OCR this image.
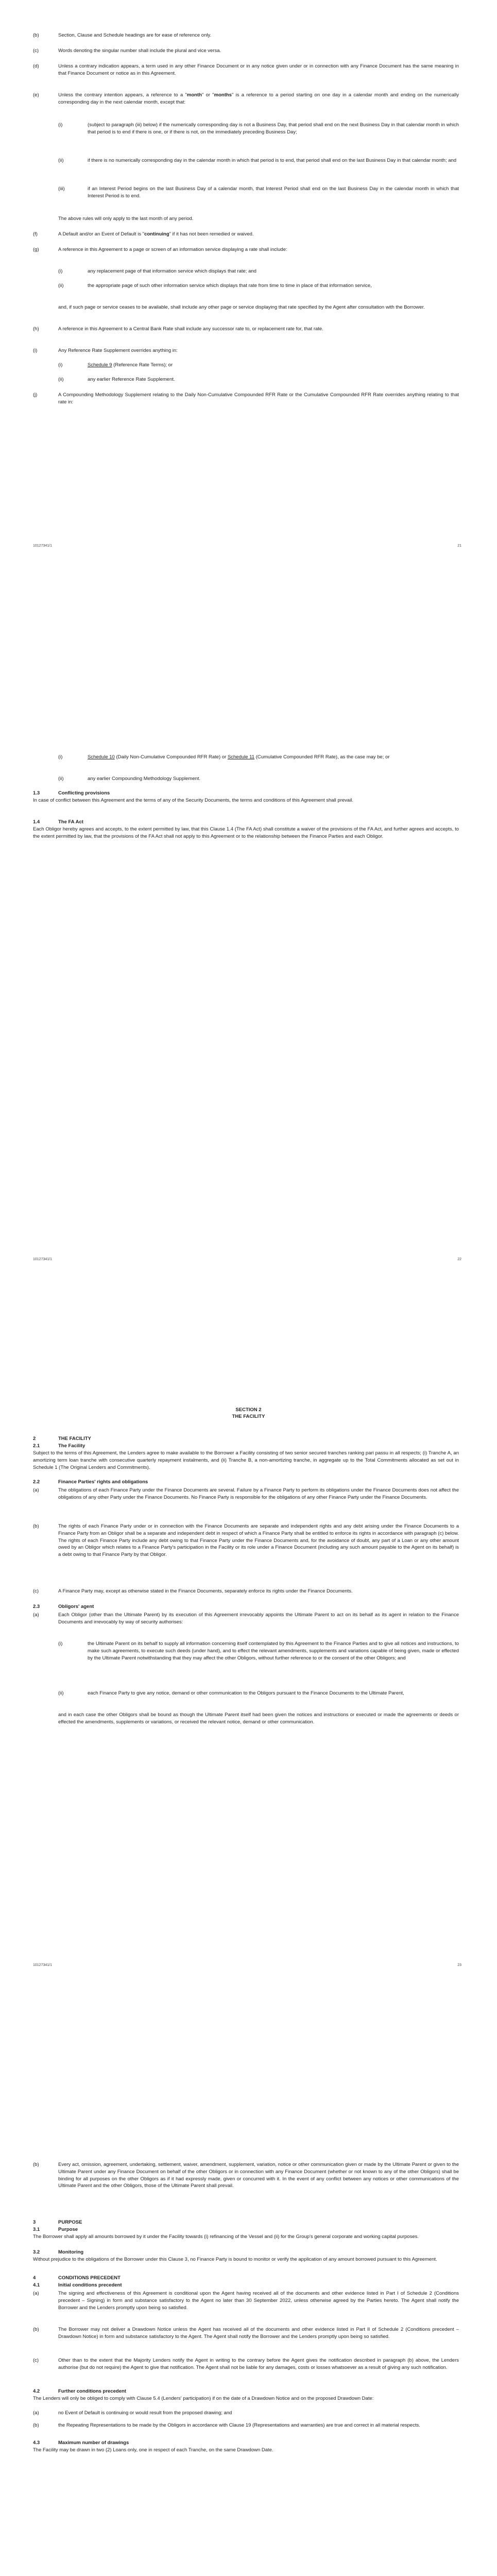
(b)	Section, Clause and Schedule headings are for ease of reference only.

(c)	Words denoting the singular number shall include the plural and vice versa.

(d)	Unless a contrary indication appears, a term used in any other Finance Document or in any notice given under or in connection with any Finance Document has the same meaning in that Finance Document or notice as in this Agreement.

(e)	Unless the contrary intention appears, a reference to a "month" or "months" is a reference to a period starting on one day in a calendar month and ending on the numerically corresponding day in the next calendar month, except that:

(i)	(subject to paragraph (iii) below) if the numerically corresponding day is not a Business Day, that period shall end on the next Business Day in that calendar month in which that period is to end if there is one, or if there is not, on the immediately preceding Business Day;

(ii)	if there is no numerically corresponding day in the calendar month in which that period is to end, that period shall end on the last Business Day in that calendar month; and

(iii)	if an Interest Period begins on the last Business Day of a calendar month, that Interest Period shall end on the last Business Day in the calendar month in which that Interest Period is to end.

The above rules will only apply to the last month of any period.

(f)	A Default and/or an Event of Default is "continuing" if it has not been remedied or waived.

(g)	A reference in this Agreement to a page or screen of an information service displaying a rate shall include:

(i)	any replacement page of that information service which displays that rate; and

(ii)	the appropriate page of such other information service which displays that rate from time to time in place of that information service,

and, if such page or service ceases to be available, shall include any other page or service displaying that rate specified by the Agent after consultation with the Borrower.

(h)	A reference in this Agreement to a Central Bank Rate shall include any successor rate to, or replacement rate for, that rate.

(i)	Any Reference Rate Supplement overrides anything in:

(i)	Schedule 9 (Reference Rate Terms); or

(ii)	any earlier Reference Rate Supplement.

(j)	A Compounding Methodology Supplement relating to the Daily Non-Cumulative Compounded RFR Rate or the Cumulative Compounded RFR Rate overrides anything relating to that rate in:

10127341/1	21
(i)	Schedule 10 (Daily Non-Cumulative Compounded RFR Rate) or Schedule 11 (Cumulative Compounded RFR Rate), as the case may be; or

(ii)	any earlier Compounding Methodology Supplement.

1.3	Conflicting provisions

In case of conflict between this Agreement and the terms of any of the Security Documents, the terms and conditions of this Agreement shall prevail.

1.4	The FA Act

Each Obligor hereby agrees and accepts, to the extent permitted by law, that this Clause 1.4 (The FA Act) shall constitute a waiver of the provisions of the FA Act, and further agrees and accepts, to the extent permitted by law, that the provisions of the FA Act shall not apply to this Agreement or to the relationship between the Finance Parties and each Obligor.

10127341/1	22
SECTION 2
THE FACILITY
2	THE FACILITY
2.1	The Facility

Subject to the terms of this Agreement, the Lenders agree to make available to the Borrower a Facility consisting of two senior secured tranches ranking pari passu in all respects; (i) Tranche A, an amortizing term loan tranche with consecutive quarterly repayment instalments, and (ii) Tranche B, a non-amortizing tranche, in aggregate up to the Total Commitments allocated as set out in Schedule 1 (The Original Lenders and Commitments).

2.2	Finance Parties' rights and obligations
(a)	The obligations of each Finance Party under the Finance Documents are several. Failure by a Finance Party to perform its obligations under the Finance Documents does not affect the obligations of any other Party under the Finance Documents. No Finance Party is responsible for the obligations of any other Finance Party under the Finance Documents.

(b)	The rights of each Finance Party under or in connection with the Finance Documents are separate and independent rights and any debt arising under the Finance Documents to a Finance Party from an Obligor shall be a separate and independent debt in respect of which a Finance Party shall be entitled to enforce its rights in accordance with paragraph (c) below. The rights of each Finance Party include any debt owing to that Finance Party under the Finance Documents and, for the avoidance of doubt, any part of a Loan or any other amount owed by an Obligor which relates to a Finance Party's participation in the Facility or its role under a Finance Document (including any such amount payable to the Agent on its behalf) is a debt owing to that Finance Party by that Obligor.

(c)	A Finance Party may, except as otherwise stated in the Finance Documents, separately enforce its rights under the Finance Documents.

2.3	Obligors' agent
(a)	Each Obligor (other than the Ultimate Parent) by its execution of this Agreement irrevocably appoints the Ultimate Parent to act on its behalf as its agent in relation to the Finance Documents and irrevocably by way of security authorises:

(i)	the Ultimate Parent on its behalf to supply all information concerning itself contemplated by this Agreement to the Finance Parties and to give all notices and instructions, to make such agreements, to execute such deeds (under hand), and to effect the relevant amendments, supplements and variations capable of being given, made or effected by the Ultimate Parent notwithstanding that they may affect the other Obligors, without further reference to or the consent of the other Obligors; and

(ii)	each Finance Party to give any notice, demand or other communication to the Obligors pursuant to the Finance Documents to the Ultimate Parent,

and in each case the other Obligors shall be bound as though the Ultimate Parent itself had been given the notices and instructions or executed or made the agreements or deeds or effected the amendments, supplements or variations, or received the relevant notice, demand or other communication.

10127341/1	23
(b)	Every act, omission, agreement, undertaking, settlement, waiver, amendment, supplement, variation, notice or other communication given or made by the Ultimate Parent or given to the Ultimate Parent under any Finance Document on behalf of the other Obligors or in connection with any Finance Document (whether or not known to any of the other Obligors) shall be binding for all purposes on the other Obligors as if it had expressly made, given or concurred with it. In the event of any conflict between any notices or other communications of the Ultimate Parent and the other Obligors, those of the Ultimate Parent shall prevail.

3	PURPOSE
3.1	Purpose

The Borrower shall apply all amounts borrowed by it under the Facility towards (i) refinancing of the Vessel and (ii) for the Group's general corporate and working capital purposes.

3.2	Monitoring

Without prejudice to the obligations of the Borrower under this Clause 3, no Finance Party is bound to monitor or verify the application of any amount borrowed pursuant to this Agreement.

4	CONDITIONS PRECEDENT
4.1	Initial conditions precedent
(a)	The signing and effectiveness of this Agreement is conditional upon the Agent having received all of the documents and other evidence listed in Part I of Schedule 2 (Conditions precedent – Signing) in form and substance satisfactory to the Agent no later than 30 September 2022, unless otherwise agreed by the Parties hereto. The Agent shall notify the Borrower and the Lenders promptly upon being so satisfied.

(b)	The Borrower may not deliver a Drawdown Notice unless the Agent has received all of the documents and other evidence listed in Part II of Schedule 2 (Conditions precedent – Drawdown Notice) in form and substance satisfactory to the Agent. The Agent shall notify the Borrower and the Lenders promptly upon being so satisfied.

(c)	Other than to the extent that the Majority Lenders notify the Agent in writing to the contrary before the Agent gives the notification described in paragraph (b) above, the Lenders authorise (but do not require) the Agent to give that notification. The Agent shall not be liable for any damages, costs or losses whatsoever as a result of giving any such notification.

4.2	Further conditions precedent

The Lenders will only be obliged to comply with Clause 5.4 (Lenders' participation) if on the date of a Drawdown Notice and on the proposed Drawdown Date:

(a)	no Event of Default is continuing or would result from the proposed drawing; and

(b)	the Repeating Representations to be made by the Obligors in accordance with Clause 19 (Representations and warranties) are true and correct in all material respects.

4.3	Maximum number of drawings

The Facility may be drawn in two (2) Loans only, one in respect of each Tranche, on the same Drawdown Date.
